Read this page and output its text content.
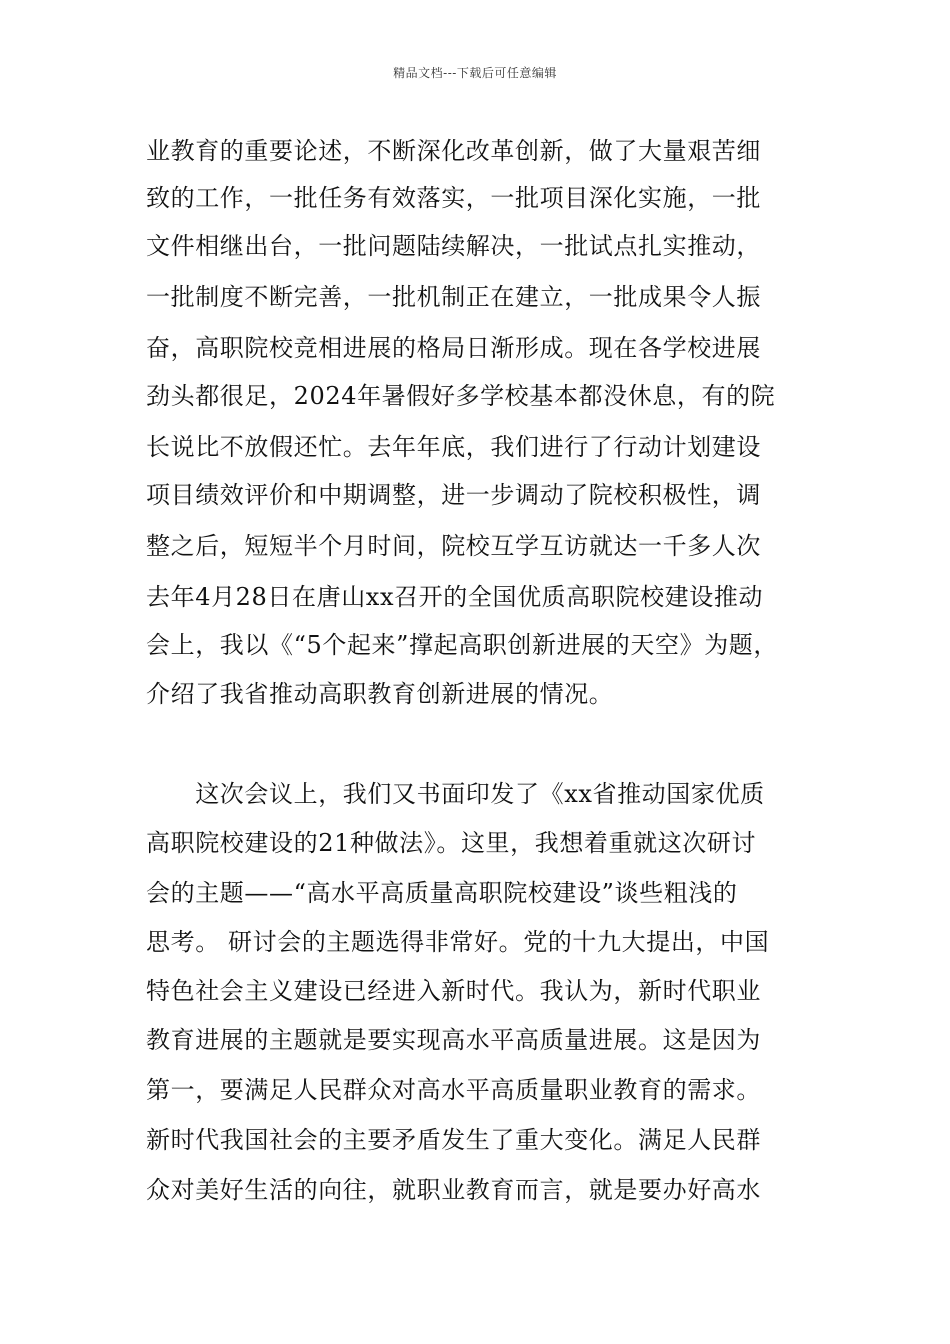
精品文档---下载后可任意编辑
业教育的重要论述，不断深化改革创新，做了大量艰苦细
致的工作，一批任务有效落实，一批项目深化实施，一批
文件相继出台，一批问题陆续解决，一批试点扎实推动，
一批制度不断完善，一批机制正在建立，一批成果令人振
奋，高职院校竞相进展的格局日渐形成。现在各学校进展
劲头都很足，2024年暑假好多学校基本都没休息，有的院
长说比不放假还忙。去年年底，我们进行了行动计划建设
项目绩效评价和中期调整，进一步调动了院校积极性，调
整之后，短短半个月时间，院校互学互访就达一千多人次
去年4月28日在唐山xx召开的全国优质高职院校建设推动
会上，我以《“5个起来”撑起高职创新进展的天空》为题，
介绍了我省推动高职教育创新进展的情况。
　　这次会议上，我们又书面印发了《xx省推动国家优质
高职院校建设的21种做法》。这里，我想着重就这次研讨
会的主题——“高水平高质量高职院校建设”谈些粗浅的
思考。 研讨会的主题选得非常好。党的十九大提出，中国
特色社会主义建设已经进入新时代。我认为，新时代职业
教育进展的主题就是要实现高水平高质量进展。这是因为
第一，要满足人民群众对高水平高质量职业教育的需求。
新时代我国社会的主要矛盾发生了重大变化。满足人民群
众对美好生活的向往，就职业教育而言，就是要办好高水
